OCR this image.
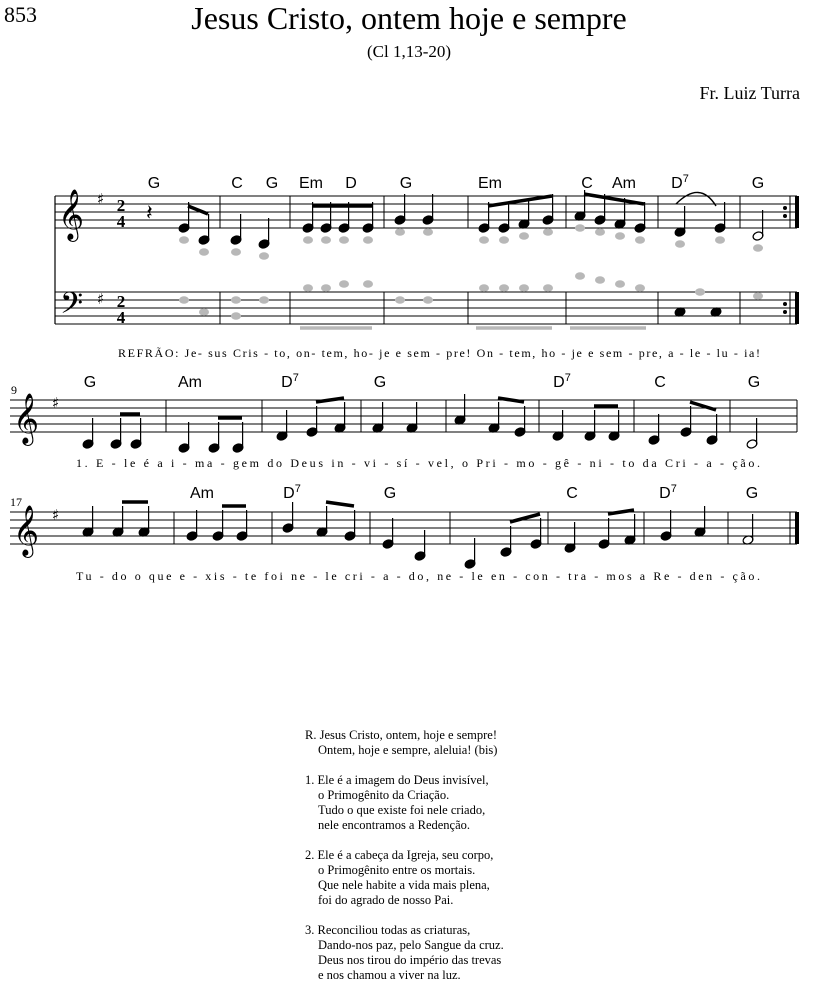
853	Jesus Cristo, ontem hoje e sempre
(Cl 1,13-20)
Fr. Luiz Turra
𝄞
𝄢
♯
♯
2
4
2
4
𝄽
𝄞 ♯
𝄞 ♯
G	C G Em D	G	Em	C Am $D^7$	G
G	Am	$D^7$	G	$D^7$	C	G
Am	$D^7$	G	C	$D^7$	G
REFRÃO: Je- sus Cris - to, on- tem, ho- je e sem - pre! On - tem, ho - je e sem - pre, a - le - lu - ia!
1. E - le é a i - ma - gem do Deus in - vi - sí - vel, o Pri - mo - gê - ni - to da Cri - a - ção.
Tu - do o que e - xis - te foi ne - le cri - a - do, ne - le en - con - tra - mos a Re - den - ção.
9
17
R. Jesus Cristo, ontem, hoje e sempre!
Ontem, hoje e sempre, aleluia! (bis)
1. Ele é a imagem do Deus invisível,
o Primogênito da Criação.
Tudo o que existe foi nele criado,
nele encontramos a Redenção.
2. Ele é a cabeça da Igreja, seu corpo,
o Primogênito entre os mortais.
Que nele habite a vida mais plena,
foi do agrado de nosso Pai.
3. Reconciliou todas as criaturas,
Dando-nos paz, pelo Sangue da cruz.
Deus nos tirou do império das trevas
e nos chamou a viver na luz.
